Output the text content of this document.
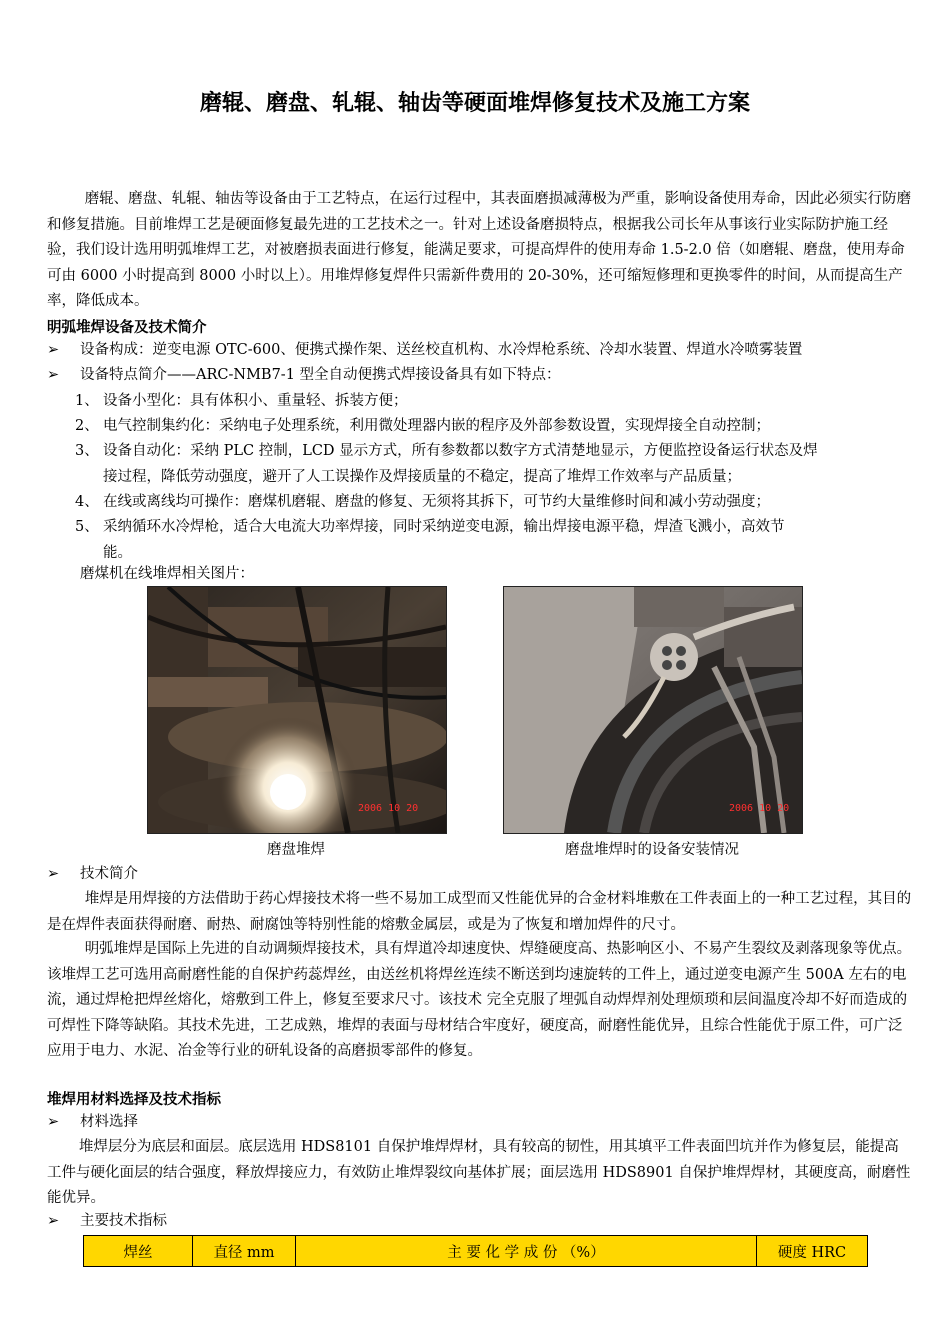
磨辊、磨盘、轧辊、轴齿等硬面堆焊修复技术及施工方案
磨辊、磨盘、轧辊、轴齿等设备由于工艺特点，在运行过程中，其表面磨损减薄极为严重，影响设备使用寿命，因此必须实行防磨和修复措施。目前堆焊工艺是硬面修复最先进的工艺技术之一。针对上述设备磨损特点，根据我公司长年从事该行业实际防护施工经验，我们设计选用明弧堆焊工艺，对被磨损表面进行修复，能满足要求，可提高焊件的使用寿命 1.5-2.0 倍（如磨辊、磨盘，使用寿命可由 6000 小时提高到 8000 小时以上）。用堆焊修复焊件只需新件费用的 20-30%，还可缩短修理和更换零件的时间，从而提高生产率，降低成本。
明弧堆焊设备及技术简介
➢ 设备构成：逆变电源 OTC-600、便携式操作架、送丝校直机构、水冷焊枪系统、冷却水装置、焊道水冷喷雾装置
➢ 设备特点简介——ARC-NMB7-1 型全自动便携式焊接设备具有如下特点：
1、 设备小型化：具有体积小、重量轻、拆装方便；
2、 电气控制集约化：采纳电子处理系统，利用微处理器内嵌的程序及外部参数设置，实现焊接全自动控制；
3、 设备自动化：采纳 PLC 控制，LCD 显示方式，所有参数都以数字方式清楚地显示，方便监控设备运行状态及焊
接过程，降低劳动强度，避开了人工误操作及焊接质量的不稳定，提高了堆焊工作效率与产品质量；
4、 在线或离线均可操作：磨煤机磨辊、磨盘的修复、无须将其拆下，可节约大量维修时间和减小劳动强度；
5、 采纳循环水冷焊枪，适合大电流大功率焊接，同时采纳逆变电源，输出焊接电源平稳，焊渣飞溅小，高效节
能。
磨煤机在线堆焊相关图片：
2006 10 20	2006 10 20
磨盘堆焊	磨盘堆焊时的设备安装情况
➢ 技术简介
堆焊是用焊接的方法借助于药心焊接技术将一些不易加工成型而又性能优异的合金材料堆敷在工件表面上的一种工艺过程，其目的是在焊件表面获得耐磨、耐热、耐腐蚀等特别性能的熔敷金属层，或是为了恢复和增加焊件的尺寸。
明弧堆焊是国际上先进的自动调频焊接技术，具有焊道冷却速度快、焊缝硬度高、热影响区小、不易产生裂纹及剥落现象等优点。该堆焊工艺可选用高耐磨性能的自保护药蕊焊丝，由送丝机将焊丝连续不断送到均速旋转的工件上，通过逆变电源产生 500A 左右的电流，通过焊枪把焊丝熔化，熔敷到工件上，修复至要求尺寸。该技术 完全克服了埋弧自动焊焊剂处理烦琐和层间温度冷却不好而造成的可焊性下降等缺陷。其技术先进，工艺成熟，堆焊的表面与母材结合牢度好，硬度高，耐磨性能优异，且综合性能优于原工件，可广泛应用于电力、水泥、冶金等行业的研轧设备的高磨损零部件的修复。
堆焊用材料选择及技术指标
➢ 材料选择
堆焊层分为底层和面层。底层选用 HDS8101 自保护堆焊焊材，具有较高的韧性，用其填平工件表面凹坑并作为修复层，能提高工件与硬化面层的结合强度，释放焊接应力，有效防止堆焊裂纹向基体扩展；面层选用 HDS8901 自保护堆焊焊材，其硬度高，耐磨性能优异。
➢ 主要技术指标
焊丝	直径 mm	主 要 化 学 成 份 （%）	硬度 HRC
